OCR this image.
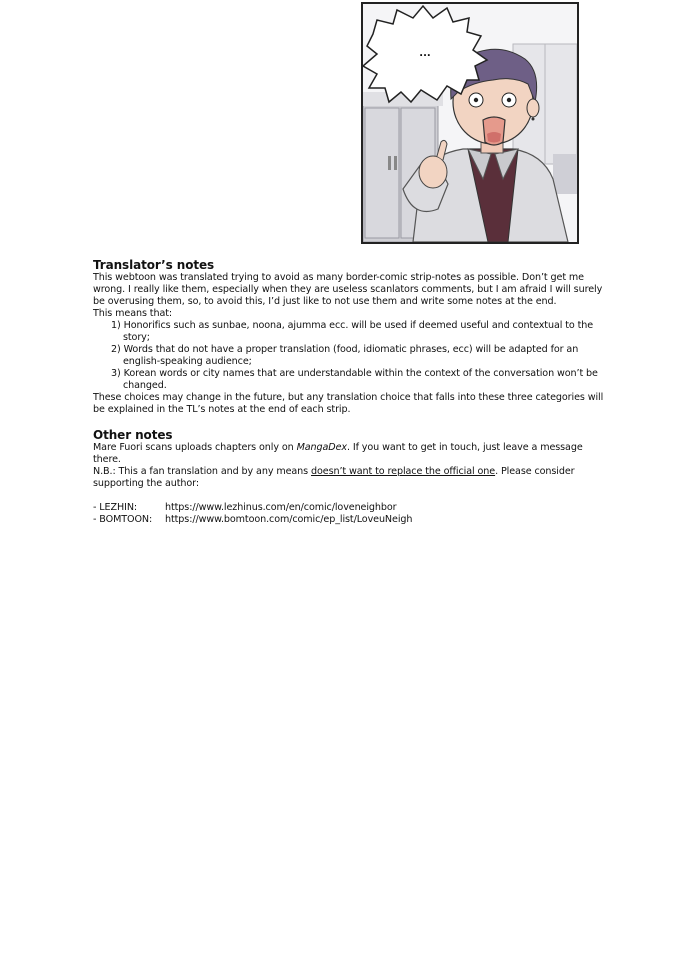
...
Translator’s notes

This webtoon was translated trying to avoid as many border-comic strip-notes as possible. Don’t get me wrong. I really like them, especially when they are useless scanlators comments, but I am afraid I will surely be overusing them, so, to avoid this, I’d just like to not use them and write some notes at the end.

This means that:

1) Honorifics such as sunbae, noona, ajumma ecc. will be used if deemed useful and contextual to the story;
2) Words that do not have a proper translation (food, idiomatic phrases, ecc) will be adapted for an english-speaking audience;
3) Korean words or city names that are understandable within the context of the conversation won’t be changed.

These choices may change in the future, but any translation choice that falls into these three categories will be explained in the TL’s notes at the end of each strip.

Other notes

Mare Fuori scans uploads chapters only on MangaDex. If you want to get in touch, just leave a message there.

N.B.: This a fan translation and by any means doesn’t want to replace the official one. Please consider supporting the author:

- LEZHIN:	https://www.lezhinus.com/en/comic/loveneighbor
- BOMTOON:	https://www.bomtoon.com/comic/ep_list/LoveuNeigh
